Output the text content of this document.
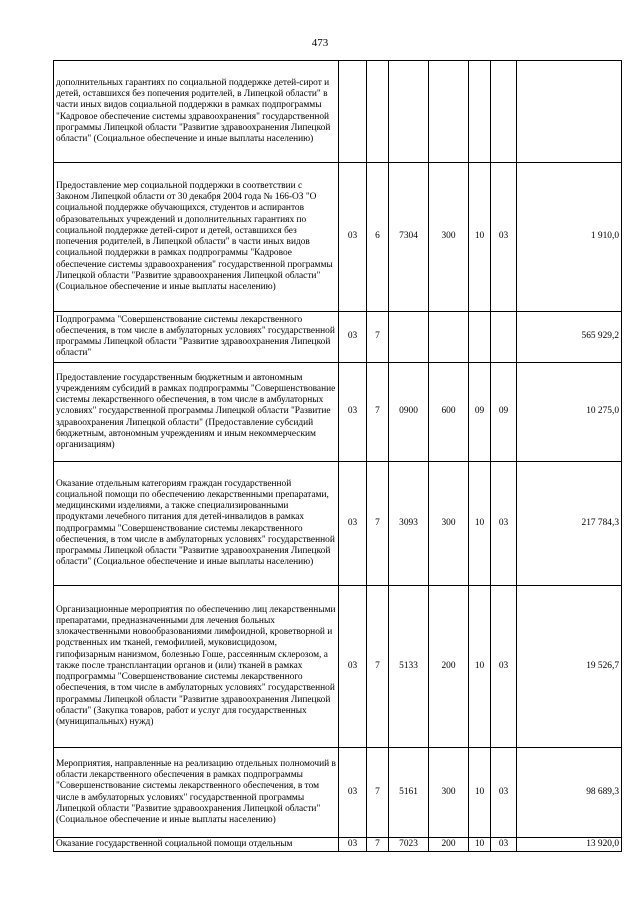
473
дополнительных гарантиях по социальной поддержке детей-сирот и детей, оставшихся без попечения родителей, в Липецкой области" в части иных видов социальной поддержки в рамках подпрограммы "Кадровое обеспечение системы здравоохранения" государственной программы Липецкой области "Развитие здравоохранения Липецкой области" (Социальное обеспечение и иные выплаты населению)							
Предоставление мер социальной поддержки в соответствии с Законом Липецкой области от 30 декабря 2004 года № 166-ОЗ "О социальной поддержке обучающихся, студентов и аспирантов образовательных учреждений и дополнительных гарантиях по социальной поддержке детей-сирот и детей, оставшихся без попечения родителей, в Липецкой области" в части иных видов социальной поддержки в рамках подпрограммы "Кадровое обеспечение системы здравоохранения" государственной программы Липецкой области "Развитие здравоохранения Липецкой области" (Социальное обеспечение и иные выплаты населению)	03	6	7304	300	10	03	1 910,0
Подпрограмма "Совершенствование системы лекарственного обеспечения, в том числе в амбулаторных условиях" государственной программы Липецкой области "Развитие здравоохранения Липецкой области"	03	7					565 929,2
Предоставление государственным бюджетным и автономным учреждениям субсидий в рамках подпрограммы "Совершенствование системы лекарственного обеспечения, в том числе в амбулаторных условиях" государственной программы Липецкой области "Развитие здравоохранения Липецкой области" (Предоставление субсидий бюджетным, автономным учреждениям и иным некоммерческим организациям)	03	7	0900	600	09	09	10 275,0
Оказание отдельным категориям граждан государственной социальной помощи по обеспечению лекарственными препаратами, медицинскими изделиями, а также специализированными продуктами лечебного питания для детей-инвалидов в рамках подпрограммы "Совершенствование системы лекарственного обеспечения, в том числе в амбулаторных условиях" государственной программы Липецкой области "Развитие здравоохранения Липецкой области" (Социальное обеспечение и иные выплаты населению)	03	7	3093	300	10	03	217 784,3
Организационные мероприятия по обеспечению лиц лекарственными препаратами, предназначенными для лечения больных злокачественными новообразованиями лимфоидной, кроветворной и родственных им тканей, гемофилией, муковисцидозом, гипофизарным нанизмом, болезнью Гоше, рассеянным склерозом, а также после трансплантации органов и (или) тканей в рамках подпрограммы "Совершенствование системы лекарственного обеспечения, в том числе в амбулаторных условиях" государственной программы Липецкой области "Развитие здравоохранения Липецкой области" (Закупка товаров, работ и услуг для государственных (муниципальных) нужд)	03	7	5133	200	10	03	19 526,7
Мероприятия, направленные на реализацию отдельных полномочий в области лекарственного обеспечения в рамках подпрограммы "Совершенствование системы лекарственного обеспечения, в том числе в амбулаторных условиях" государственной программы Липецкой области "Развитие здравоохранения Липецкой области" (Социальное обеспечение и иные выплаты населению)	03	7	5161	300	10	03	98 689,3
Оказание государственной социальной помощи отдельным	03	7	7023	200	10	03	13 920,0
